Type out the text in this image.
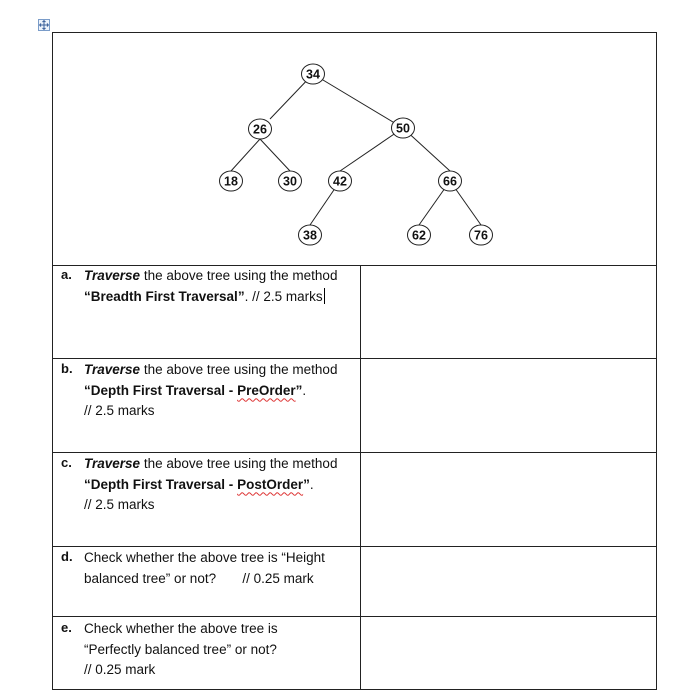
34
26	50
18	30	42	66
38	62	76
a. Traverse the above tree using the method
“Breadth First Traversal”. // 2.5 marks
b. Traverse the above tree using the method
“Depth First Traversal - PreOrder”.
// 2.5 marks
c. Traverse the above tree using the method
“Depth First Traversal - PostOrder”.
// 2.5 marks
d. Check whether the above tree is “Height
balanced tree” or not?       // 0.25 mark
e. Check whether the above tree is
“Perfectly balanced tree” or not?
// 0.25 mark
